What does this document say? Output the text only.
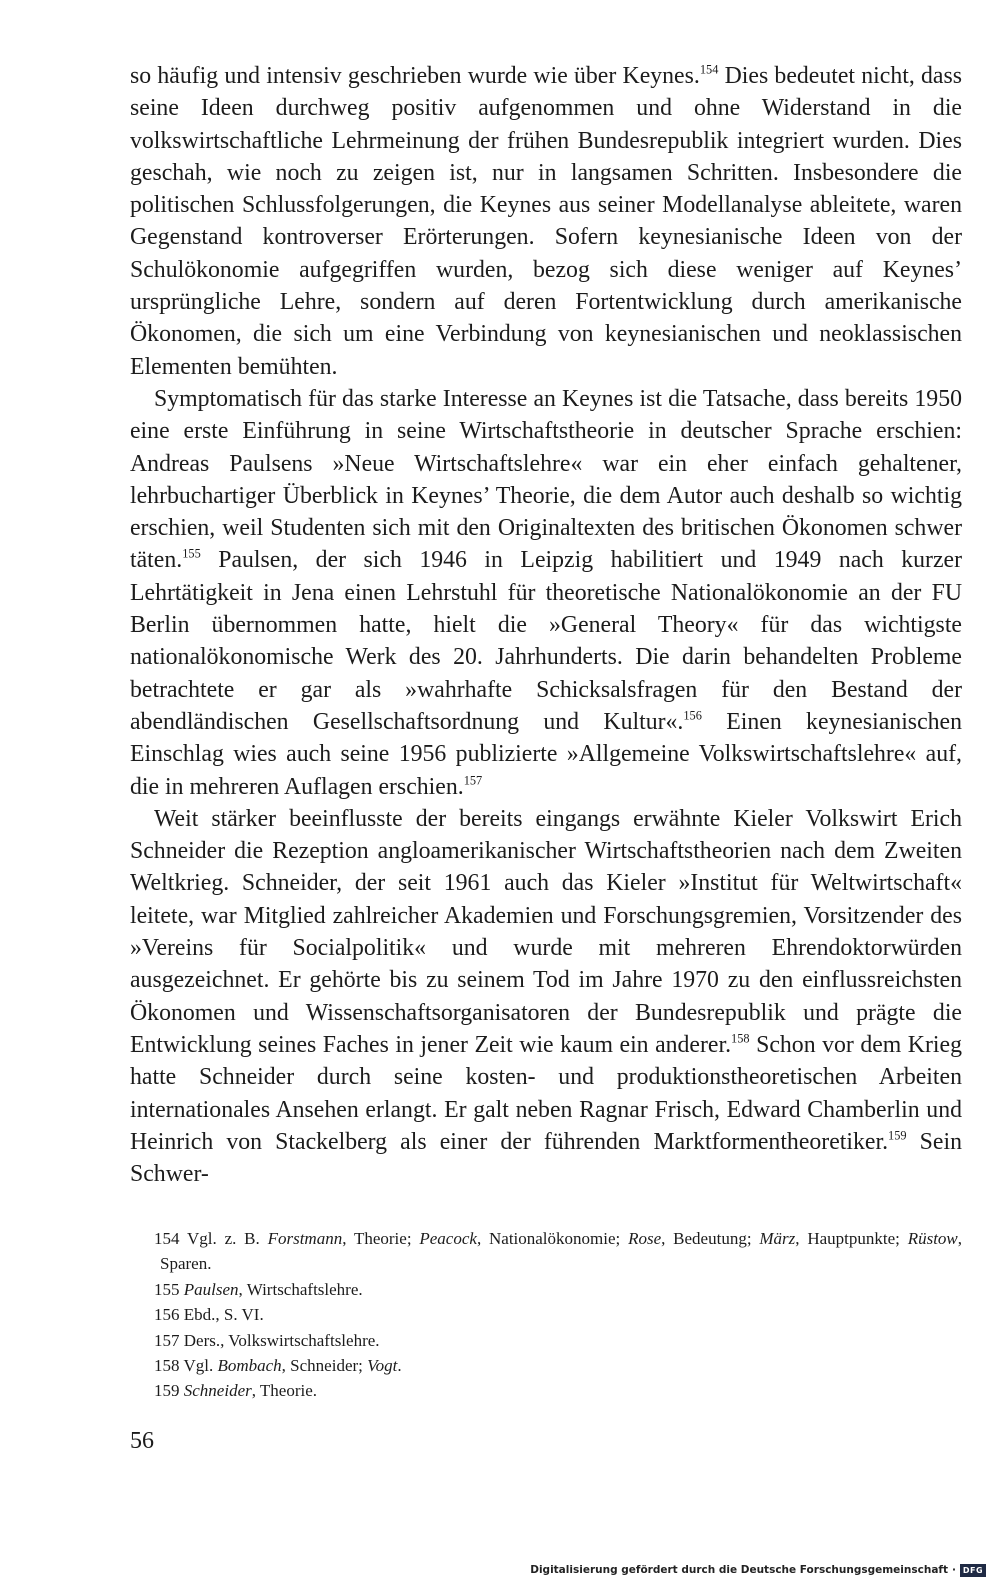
so häufig und intensiv geschrieben wurde wie über Keynes.$^{154}$ Dies bedeutet nicht, dass seine Ideen durchweg positiv aufgenommen und ohne Widerstand in die volkswirtschaftliche Lehrmeinung der frühen Bundesrepublik integriert wurden. Dies geschah, wie noch zu zeigen ist, nur in langsamen Schritten. Insbesondere die politischen Schlussfolgerungen, die Keynes aus seiner Modellanalyse ableitete, waren Gegenstand kontroverser Erörterungen. Sofern keynesianische Ideen von der Schulökonomie aufgegriffen wurden, bezog sich diese weniger auf Keynes’ ursprüngliche Lehre, sondern auf deren Fortentwicklung durch amerikanische Ökonomen, die sich um eine Verbindung von keynesianischen und neoklassischen Elementen bemühten.

Symptomatisch für das starke Interesse an Keynes ist die Tatsache, dass bereits 1950 eine erste Einführung in seine Wirtschaftstheorie in deutscher Sprache erschien: Andreas Paulsens »Neue Wirtschaftslehre« war ein eher einfach gehaltener, lehrbuchartiger Überblick in Keynes’ Theorie, die dem Autor auch deshalb so wichtig erschien, weil Studenten sich mit den Originaltexten des britischen Ökonomen schwer täten.$^{155}$ Paulsen, der sich 1946 in Leipzig habilitiert und 1949 nach kurzer Lehrtätigkeit in Jena einen Lehrstuhl für theoretische Nationalökonomie an der FU Berlin übernommen hatte, hielt die »General Theory« für das wichtigste nationalökonomische Werk des 20. Jahrhunderts. Die darin behandelten Probleme betrachtete er gar als »wahrhafte Schicksalsfragen für den Bestand der abendländischen Gesellschaftsordnung und Kultur«.$^{156}$ Einen keynesianischen Einschlag wies auch seine 1956 publizierte »Allgemeine Volkswirtschaftslehre« auf, die in mehreren Auflagen erschien.$^{157}$

Weit stärker beeinflusste der bereits eingangs erwähnte Kieler Volkswirt Erich Schneider die Rezeption angloamerikanischer Wirtschaftstheorien nach dem Zweiten Weltkrieg. Schneider, der seit 1961 auch das Kieler »Institut für Weltwirtschaft« leitete, war Mitglied zahlreicher Akademien und Forschungsgremien, Vorsitzender des »Vereins für Socialpolitik« und wurde mit mehreren Ehrendoktorwürden ausgezeichnet. Er gehörte bis zu seinem Tod im Jahre 1970 zu den einflussreichsten Ökonomen und Wissenschaftsorganisatoren der Bundesrepublik und prägte die Entwicklung seines Faches in jener Zeit wie kaum ein anderer.$^{158}$ Schon vor dem Krieg hatte Schneider durch seine kosten- und produktionstheoretischen Arbeiten internationales Ansehen erlangt. Er galt neben Ragnar Frisch, Edward Chamberlin und Heinrich von Stackelberg als einer der führenden Marktformentheoretiker.$^{159}$ Sein Schwer-

154 Vgl. z. B. Forstmann, Theorie; Peacock, Nationalökonomie; Rose, Bedeutung; März, Hauptpunkte; Rüstow, Sparen.
155 Paulsen, Wirtschaftslehre.
156 Ebd., S. VI.
157 Ders., Volkswirtschaftslehre.
158 Vgl. Bombach, Schneider; Vogt.
159 Schneider, Theorie.
56
Digitalisierung gefördert durch die Deutsche Forschungsgemeinschaft · DFG
